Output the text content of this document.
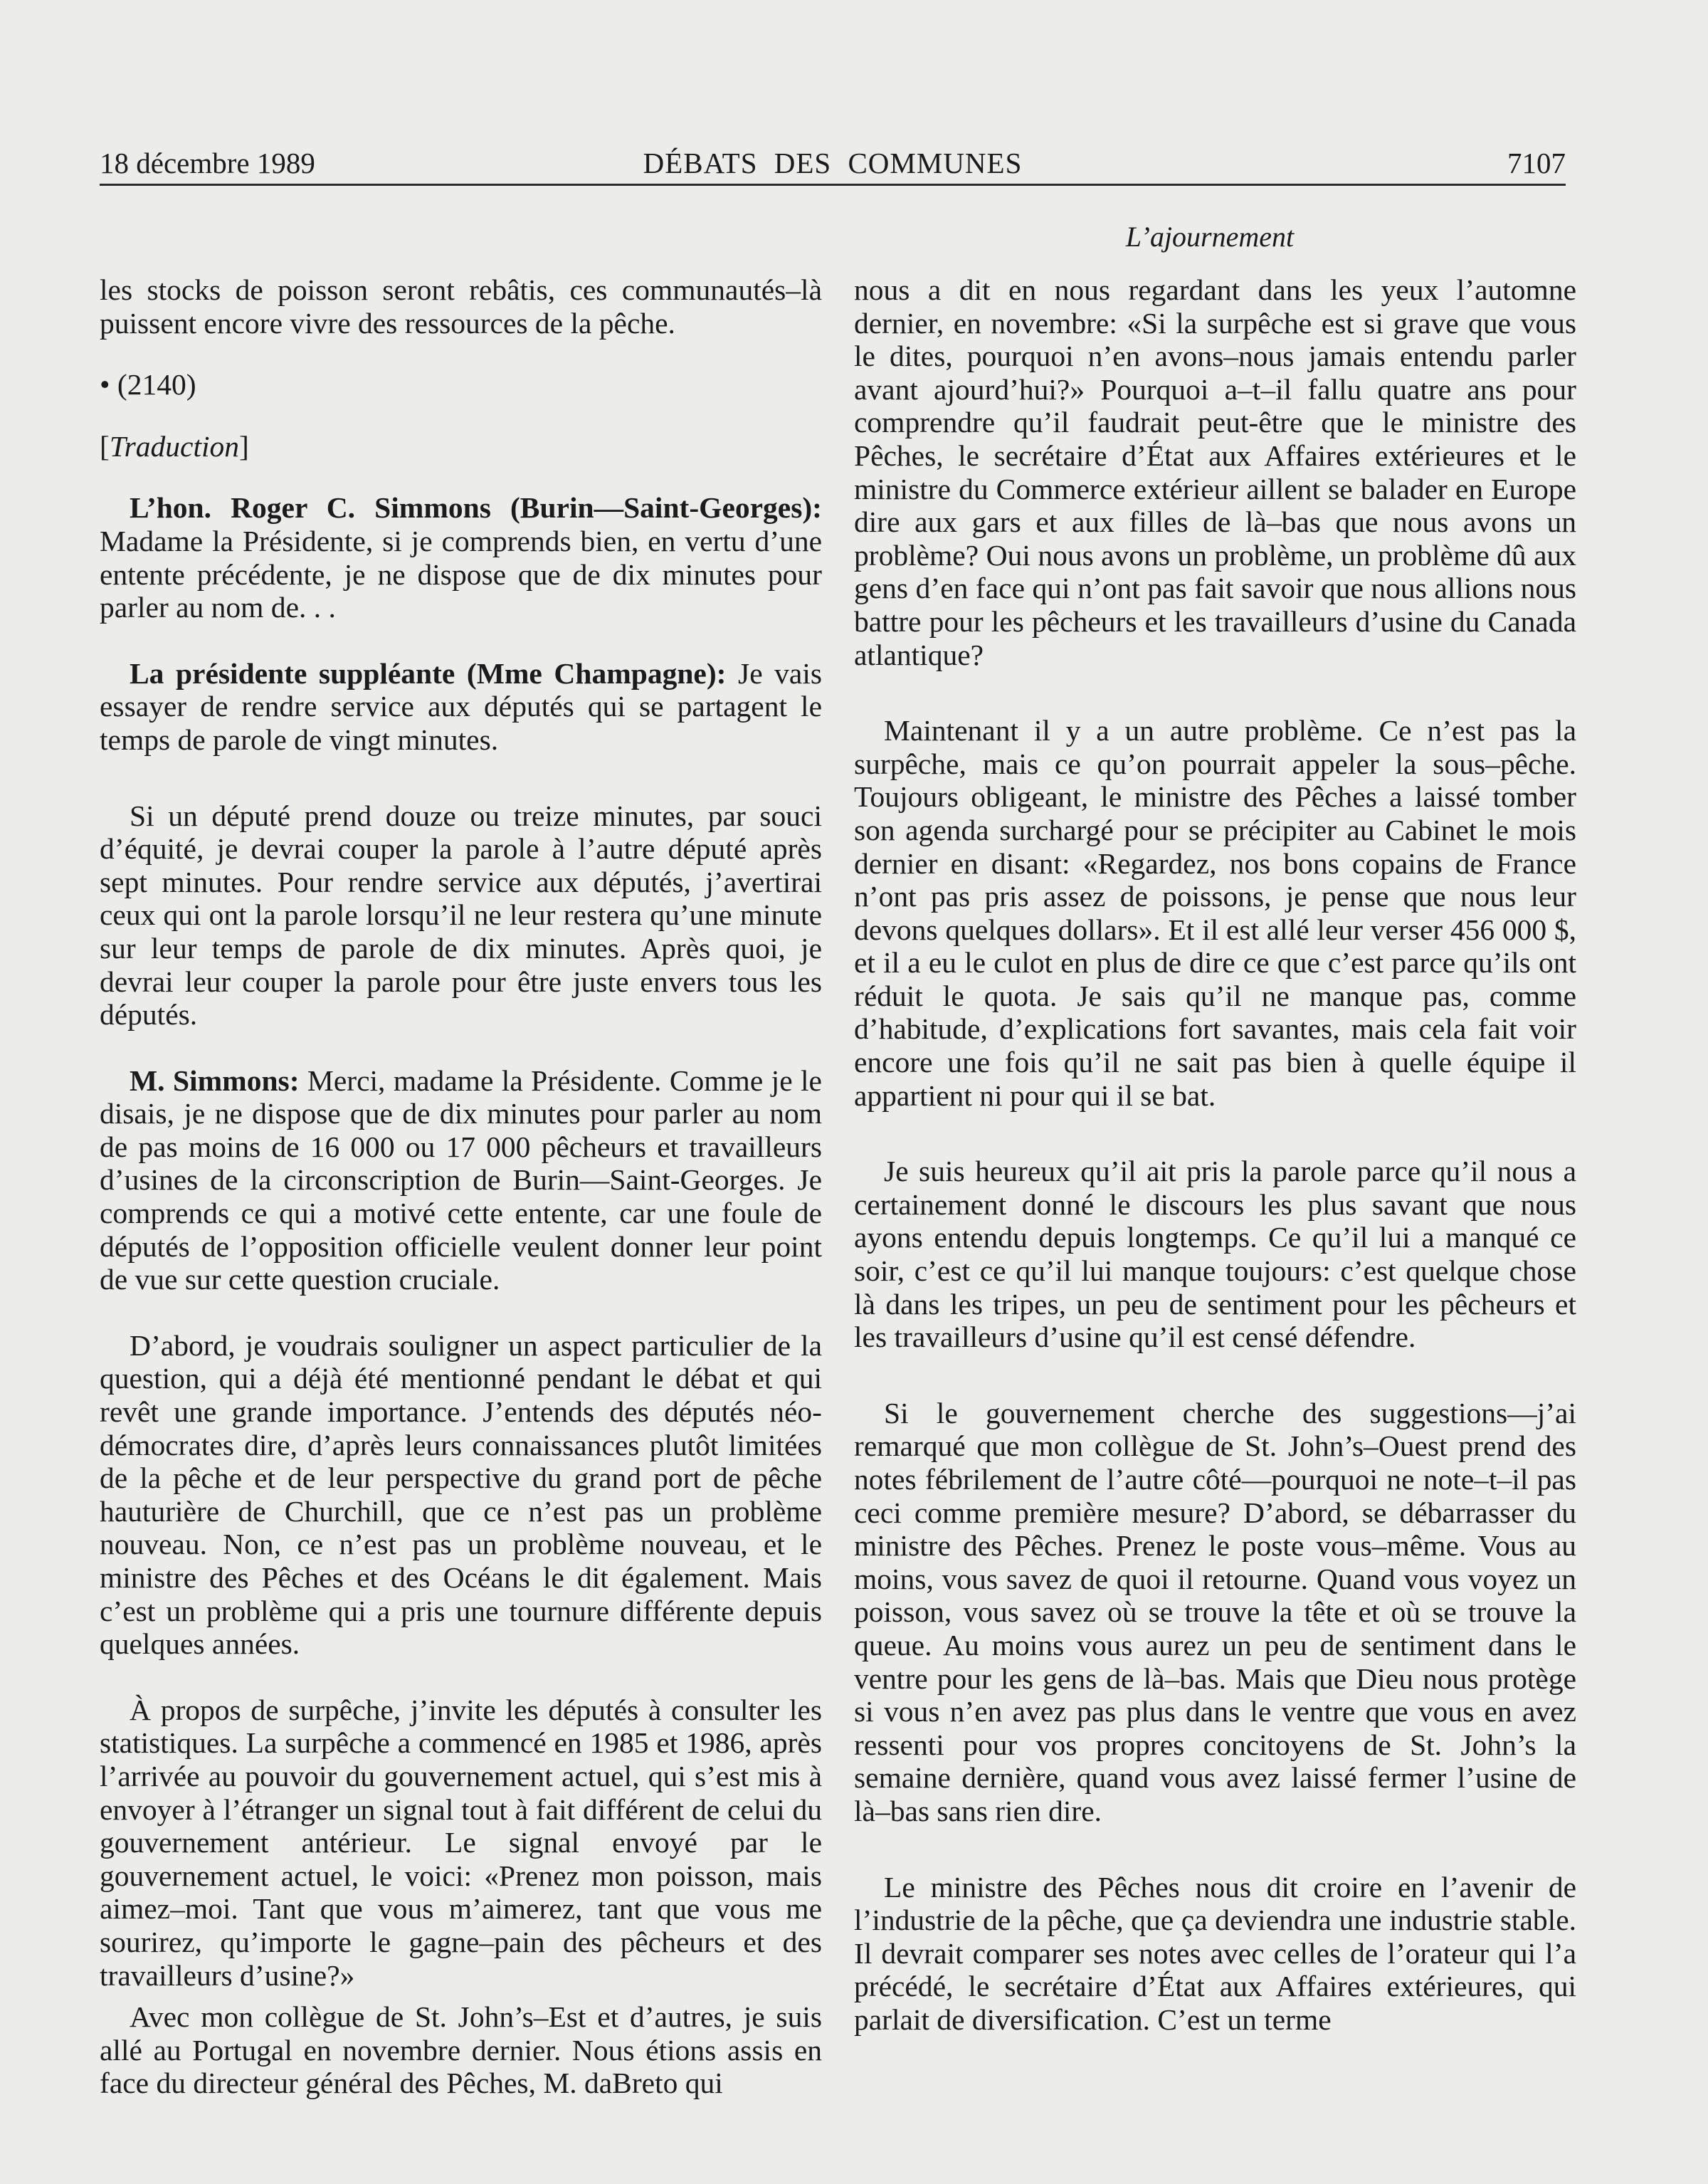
18 décembre 1989	DÉBATS DES COMMUNES	7107
L’ajournement

les stocks de poisson seront rebâtis, ces communautés–là puissent encore vivre des ressources de la pêche.

• (2140)

[Traduction]

L’hon. Roger C. Simmons (Burin—Saint-Georges): Madame la Présidente, si je comprends bien, en vertu d’une entente précédente, je ne dispose que de dix minutes pour parler au nom de. . .

La présidente suppléante (Mme Champagne): Je vais essayer de rendre service aux députés qui se partagent le temps de parole de vingt minutes.

Si un député prend douze ou treize minutes, par souci d’équité, je devrai couper la parole à l’autre député après sept minutes. Pour rendre service aux députés, j’avertirai ceux qui ont la parole lorsqu’il ne leur restera qu’une minute sur leur temps de parole de dix minutes. Après quoi, je devrai leur couper la parole pour être juste envers tous les députés.

M. Simmons: Merci, madame la Présidente. Comme je le disais, je ne dispose que de dix minutes pour parler au nom de pas moins de 16 000 ou 17 000 pêcheurs et travailleurs d’usines de la circonscription de Burin—Saint-Georges. Je comprends ce qui a motivé cette entente, car une foule de députés de l’opposition officielle veulent donner leur point de vue sur cette question cruciale.

D’abord, je voudrais souligner un aspect particulier de la question, qui a déjà été mentionné pendant le débat et qui revêt une grande importance. J’entends des députés néo-démocrates dire, d’après leurs connaissances plutôt limitées de la pêche et de leur perspective du grand port de pêche hauturière de Churchill, que ce n’est pas un problème nouveau. Non, ce n’est pas un problème nouveau, et le ministre des Pêches et des Océans le dit également. Mais c’est un problème qui a pris une tournure différente depuis quelques années.

À propos de surpêche, j’invite les députés à consulter les statistiques. La surpêche a commencé en 1985 et 1986, après l’arrivée au pouvoir du gouvernement actuel, qui s’est mis à envoyer à l’étranger un signal tout à fait différent de celui du gouvernement antérieur. Le signal envoyé par le gouvernement actuel, le voici: «Prenez mon poisson, mais aimez–moi. Tant que vous m’aimerez, tant que vous me sourirez, qu’importe le gagne–pain des pêcheurs et des travailleurs d’usine?»

Avec mon collègue de St. John’s–Est et d’autres, je suis allé au Portugal en novembre dernier. Nous étions assis en face du directeur général des Pêches, M. daBreto qui

nous a dit en nous regardant dans les yeux l’automne dernier, en novembre: «Si la surpêche est si grave que vous le dites, pourquoi n’en avons–nous jamais entendu parler avant ajourd’hui?» Pourquoi a–t–il fallu quatre ans pour comprendre qu’il faudrait peut-être que le ministre des Pêches, le secrétaire d’État aux Affaires extérieures et le ministre du Commerce extérieur aillent se balader en Europe dire aux gars et aux filles de là–bas que nous avons un problème? Oui nous avons un problème, un problème dû aux gens d’en face qui n’ont pas fait savoir que nous allions nous battre pour les pêcheurs et les travailleurs d’usine du Canada atlantique?

Maintenant il y a un autre problème. Ce n’est pas la surpêche, mais ce qu’on pourrait appeler la sous–pêche. Toujours obligeant, le ministre des Pêches a laissé tomber son agenda surchargé pour se précipiter au Cabinet le mois dernier en disant: «Regardez, nos bons copains de France n’ont pas pris assez de poissons, je pense que nous leur devons quelques dollars». Et il est allé leur verser 456 000 $, et il a eu le culot en plus de dire ce que c’est parce qu’ils ont réduit le quota. Je sais qu’il ne manque pas, comme d’habitude, d’explications fort savantes, mais cela fait voir encore une fois qu’il ne sait pas bien à quelle équipe il appartient ni pour qui il se bat.

Je suis heureux qu’il ait pris la parole parce qu’il nous a certainement donné le discours les plus savant que nous ayons entendu depuis longtemps. Ce qu’il lui a manqué ce soir, c’est ce qu’il lui manque toujours: c’est quelque chose là dans les tripes, un peu de sentiment pour les pêcheurs et les travailleurs d’usine qu’il est censé défendre.

Si le gouvernement cherche des suggestions—j’ai remarqué que mon collègue de St. John’s–Ouest prend des notes fébrilement de l’autre côté—pourquoi ne note–t–il pas ceci comme première mesure? D’abord, se débarrasser du ministre des Pêches. Prenez le poste vous–même. Vous au moins, vous savez de quoi il retourne. Quand vous voyez un poisson, vous savez où se trouve la tête et où se trouve la queue. Au moins vous aurez un peu de sentiment dans le ventre pour les gens de là–bas. Mais que Dieu nous protège si vous n’en avez pas plus dans le ventre que vous en avez ressenti pour vos propres concitoyens de St. John’s la semaine dernière, quand vous avez laissé fermer l’usine de là–bas sans rien dire.

Le ministre des Pêches nous dit croire en l’avenir de l’industrie de la pêche, que ça deviendra une industrie stable. Il devrait comparer ses notes avec celles de l’orateur qui l’a précédé, le secrétaire d’État aux Affaires extérieures, qui parlait de diversification. C’est un terme
